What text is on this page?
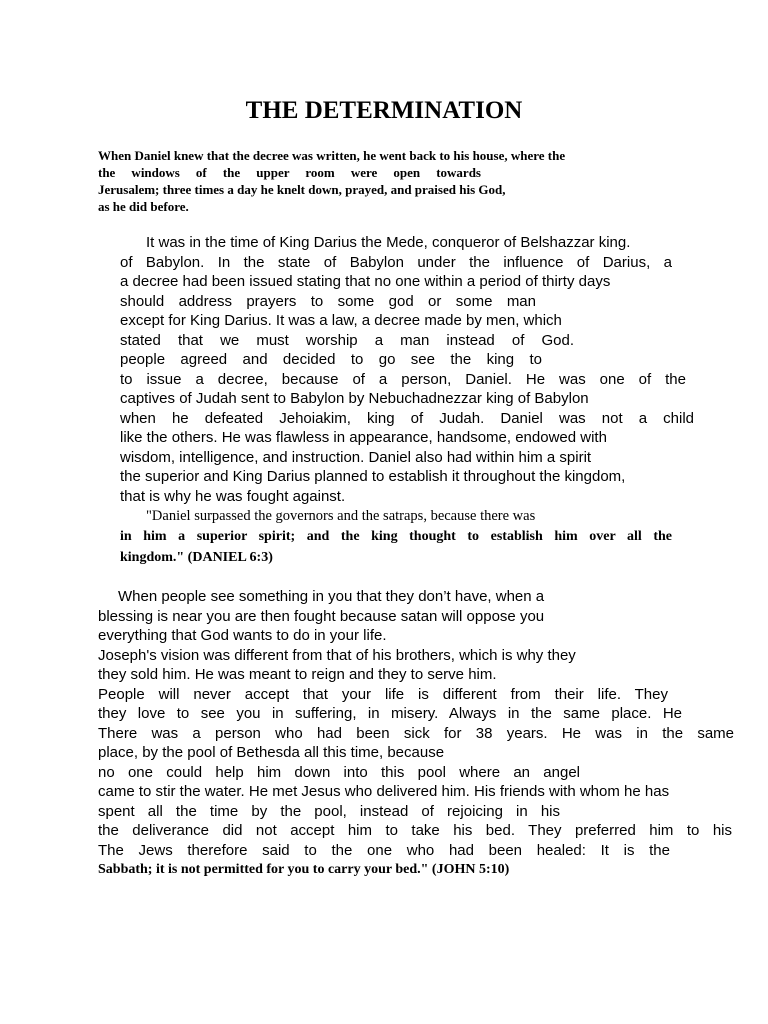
THE DETERMINATION
When Daniel knew that the decree was written, he went back to his house, where the
the windows of the upper room were open towards
Jerusalem; three times a day he knelt down, prayed, and praised his God,
as he did before.
It was in the time of King Darius the Mede, conqueror of Belshazzar king.
of Babylon. In the state of Babylon under the influence of Darius, a
a decree had been issued stating that no one within a period of thirty days
should address prayers to some god or some man
except for King Darius. It was a law, a decree made by men, which
stated that we must worship a man instead of God.
people agreed and decided to go see the king to
to issue a decree, because of a person, Daniel. He was one of the
captives of Judah sent to Babylon by Nebuchadnezzar king of Babylon
when he defeated Jehoiakim, king of Judah. Daniel was not a child
like the others. He was flawless in appearance, handsome, endowed with
wisdom, intelligence, and instruction. Daniel also had within him a spirit
the superior and King Darius planned to establish it throughout the kingdom,
that is why he was fought against.
"Daniel surpassed the governors and the satraps, because there was
in him a superior spirit; and the king thought to establish him over all the
kingdom." (DANIEL 6:3)
When people see something in you that they don’t have, when a
blessing is near you are then fought because satan will oppose you
everything that God wants to do in your life.
Joseph's vision was different from that of his brothers, which is why they
they sold him. He was meant to reign and they to serve him.
People will never accept that your life is different from their life. They
they love to see you in suffering, in misery. Always in the same place. He
There was a person who had been sick for 38 years. He was in the same
place, by the pool of Bethesda all this time, because
no one could help him down into this pool where an angel
came to stir the water. He met Jesus who delivered him. His friends with whom he has
spent all the time by the pool, instead of rejoicing in his
the deliverance did not accept him to take his bed. They preferred him to his
The Jews therefore said to the one who had been healed: It is the
Sabbath; it is not permitted for you to carry your bed." (JOHN 5:10)
